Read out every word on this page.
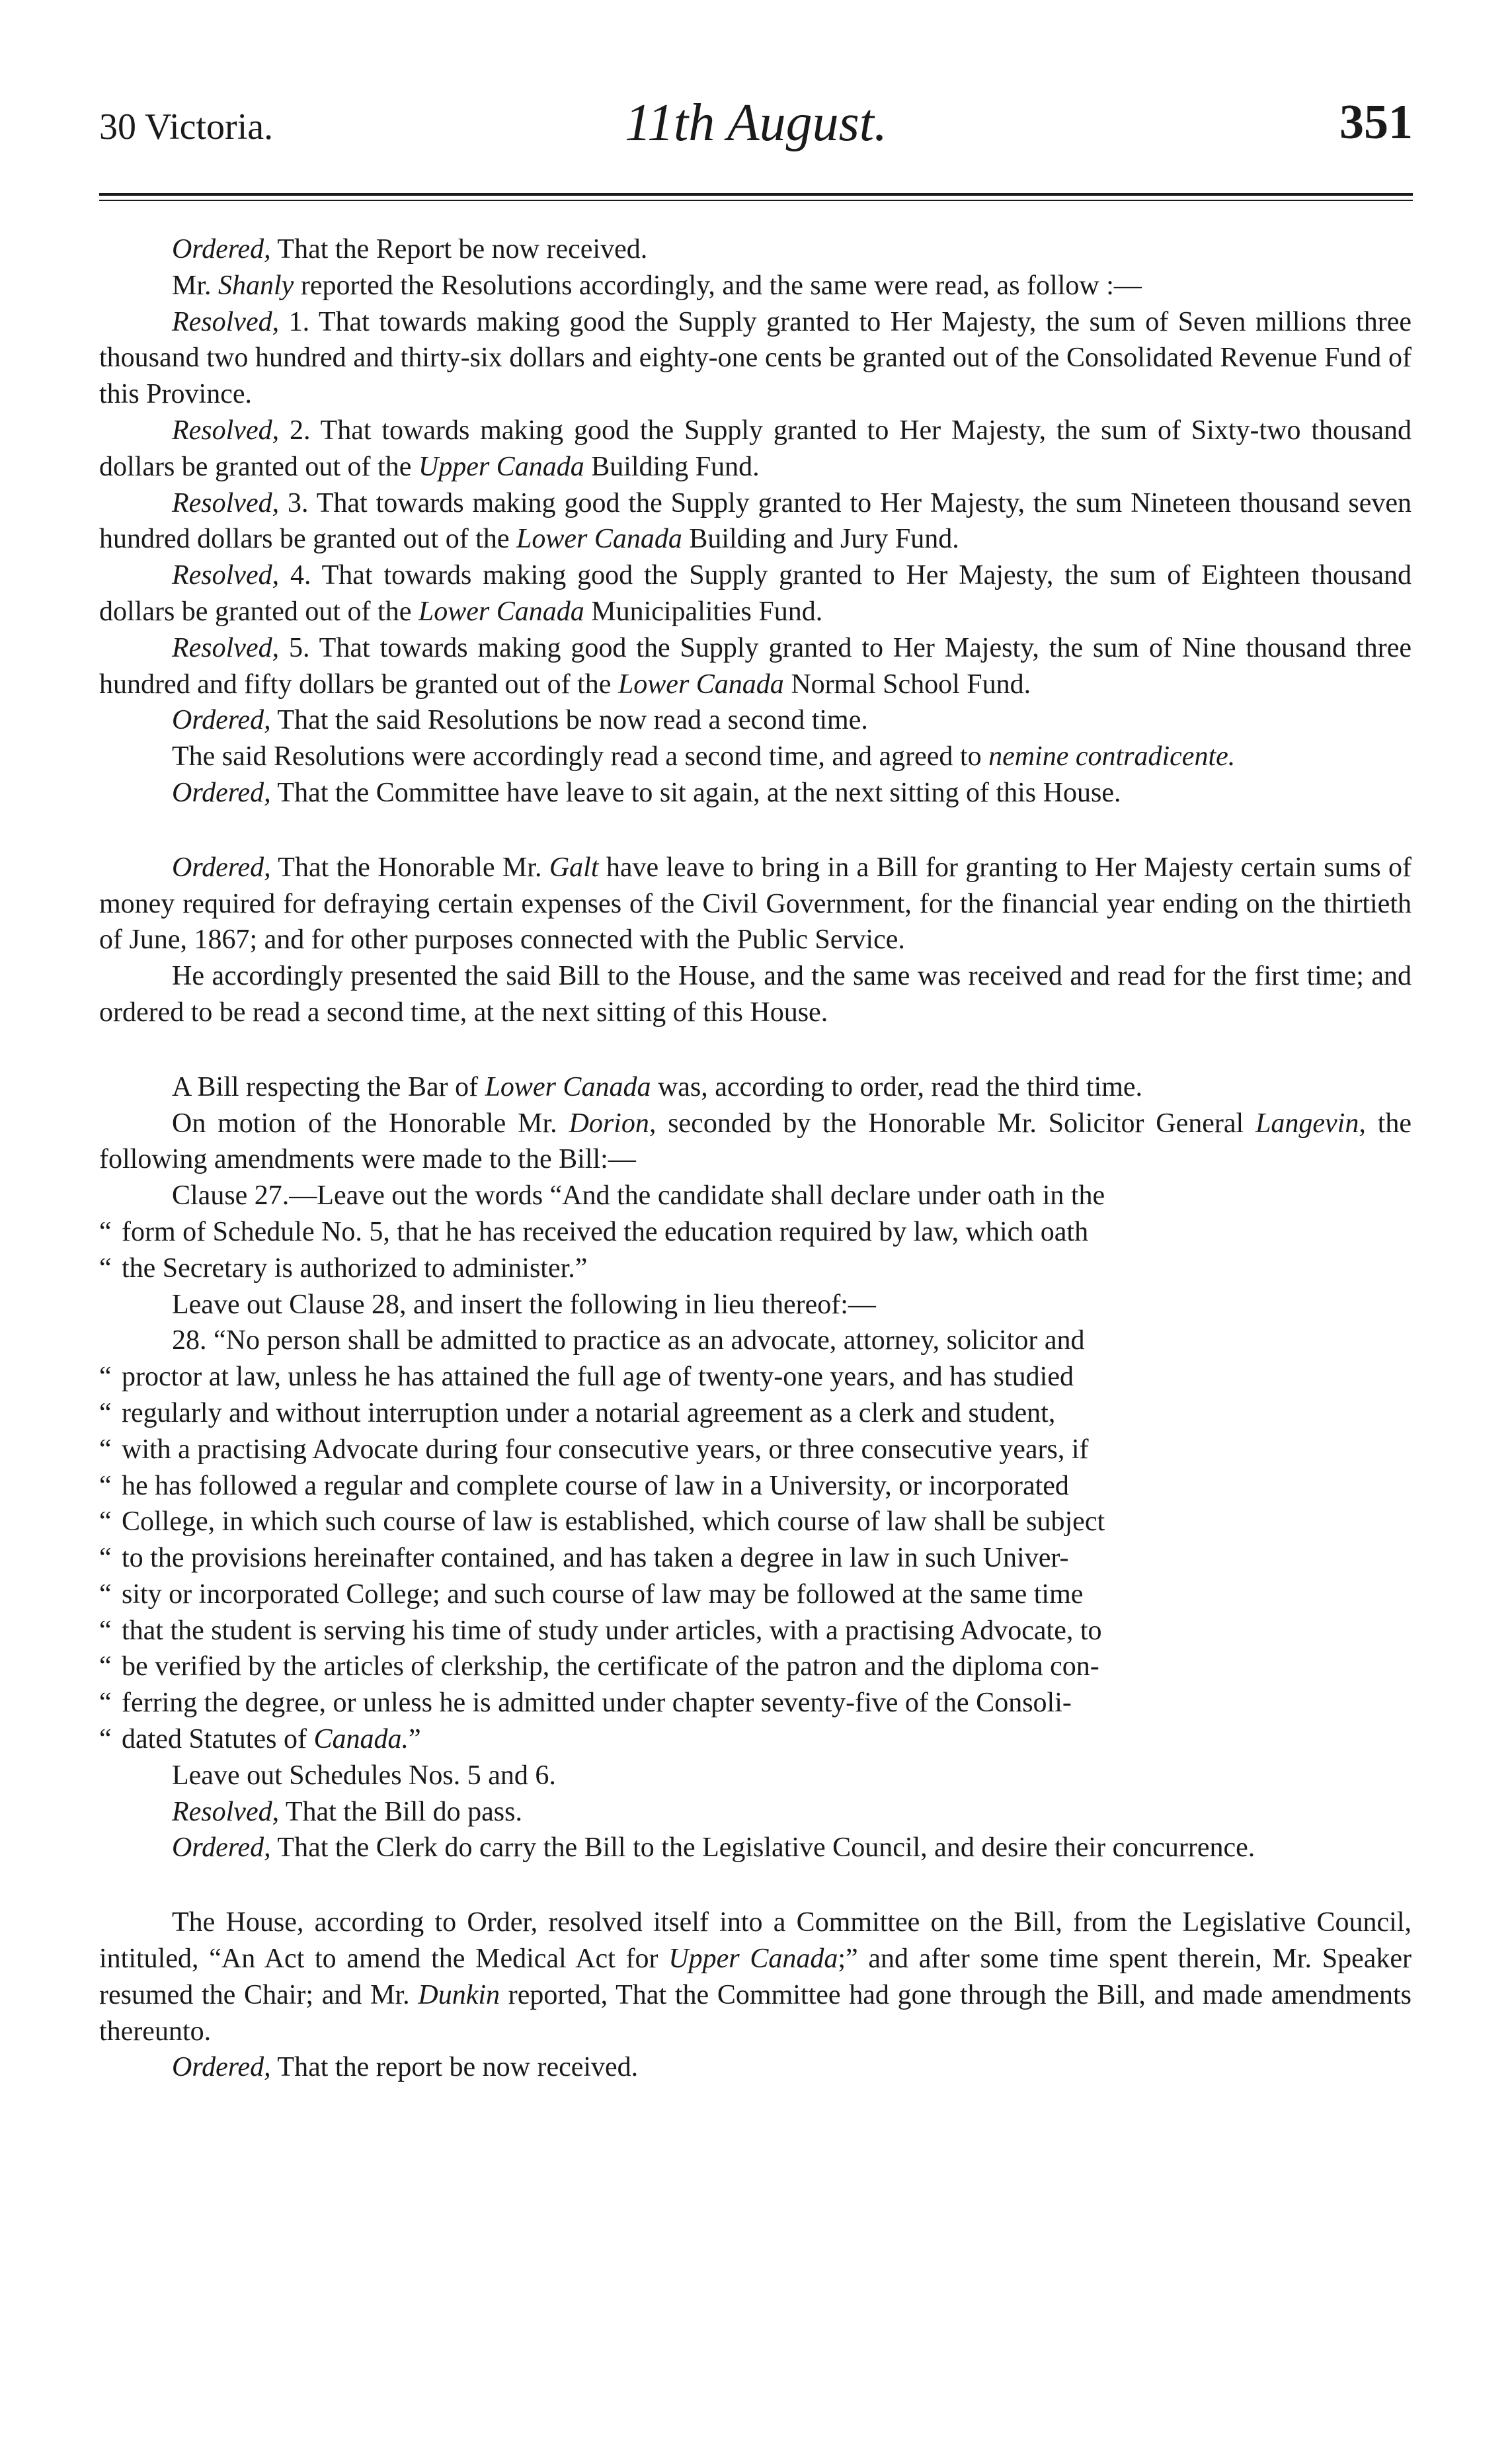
30 Victoria.	11th August.	351

Ordered, That the Report be now received.

Mr. Shanly reported the Resolutions accordingly, and the same were read, as follow :—

Resolved, 1. That towards making good the Supply granted to Her Majesty, the sum of Seven millions three thousand two hundred and thirty-six dollars and eighty-one cents be granted out of the Consolidated Revenue Fund of this Province.

Resolved, 2. That towards making good the Supply granted to Her Majesty, the sum of Sixty-two thousand dollars be granted out of the Upper Canada Building Fund.

Resolved, 3. That towards making good the Supply granted to Her Majesty, the sum Nineteen thousand seven hundred dollars be granted out of the Lower Canada Building and Jury Fund.

Resolved, 4. That towards making good the Supply granted to Her Majesty, the sum of Eighteen thousand dollars be granted out of the Lower Canada Municipalities Fund.

Resolved, 5. That towards making good the Supply granted to Her Majesty, the sum of Nine thousand three hundred and fifty dollars be granted out of the Lower Canada Normal School Fund.

Ordered, That the said Resolutions be now read a second time.

The said Resolutions were accordingly read a second time, and agreed to nemine contradicente.

Ordered, That the Committee have leave to sit again, at the next sitting of this House.

Ordered, That the Honorable Mr. Galt have leave to bring in a Bill for granting to Her Majesty certain sums of money required for defraying certain expenses of the Civil Government, for the financial year ending on the thirtieth of June, 1867; and for other purposes connected with the Public Service.

He accordingly presented the said Bill to the House, and the same was received and read for the first time; and ordered to be read a second time, at the next sitting of this House.

A Bill respecting the Bar of Lower Canada was, according to order, read the third time.

On motion of the Honorable Mr. Dorion, seconded by the Honorable Mr. Solicitor General Langevin, the following amendments were made to the Bill:—

Clause 27.—Leave out the words “And the candidate shall declare under oath in the

“ form of Schedule No. 5, that he has received the education required by law, which oath

“ the Secretary is authorized to administer.”

Leave out Clause 28, and insert the following in lieu thereof:—

28. “No person shall be admitted to practice as an advocate, attorney, solicitor and

“ proctor at law, unless he has attained the full age of twenty-one years, and has studied

“ regularly and without interruption under a notarial agreement as a clerk and student,

“ with a practising Advocate during four consecutive years, or three consecutive years, if

“ he has followed a regular and complete course of law in a University, or incorporated

“ College, in which such course of law is established, which course of law shall be subject

“ to the provisions hereinafter contained, and has taken a degree in law in such Univer-

“ sity or incorporated College; and such course of law may be followed at the same time

“ that the student is serving his time of study under articles, with a practising Advocate, to

“ be verified by the articles of clerkship, the certificate of the patron and the diploma con-

“ ferring the degree, or unless he is admitted under chapter seventy-five of the Consoli-

“ dated Statutes of Canada.”

Leave out Schedules Nos. 5 and 6.

Resolved, That the Bill do pass.

Ordered, That the Clerk do carry the Bill to the Legislative Council, and desire their concurrence.

The House, according to Order, resolved itself into a Committee on the Bill, from the Legislative Council, intituled, “An Act to amend the Medical Act for Upper Canada;” and after some time spent therein, Mr. Speaker resumed the Chair; and Mr. Dunkin reported, That the Committee had gone through the Bill, and made amendments thereunto.

Ordered, That the report be now received.
